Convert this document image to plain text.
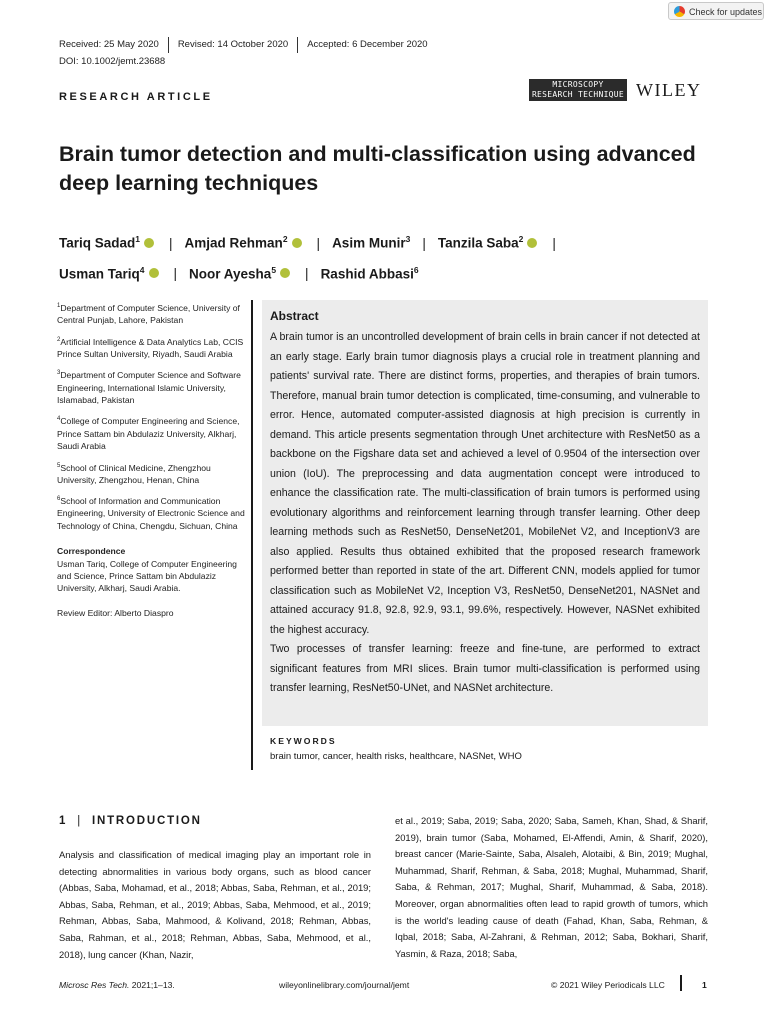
Check for updates
Received: 25 May 2020	Revised: 14 October 2020	Accepted: 6 December 2020
DOI: 10.1002/jemt.23688
RESEARCH ARTICLE
MICROSCOPY
RESEARCH TECHNIQUE WILEY
Brain tumor detection and multi-classification using advanced deep learning techniques
Tariq Sadad$^1$ | Amjad Rehman$^2$ | Asim Munir$^3$ | Tanzila Saba$^2$ |
Usman Tariq$^4$ | Noor Ayesha$^5$ | Rashid Abbasi$^6$

$^1$Department of Computer Science, University of Central Punjab, Lahore, Pakistan

$^2$Artificial Intelligence & Data Analytics Lab, CCIS Prince Sultan University, Riyadh, Saudi Arabia

$^3$Department of Computer Science and Software Engineering, International Islamic University, Islamabad, Pakistan

$^4$College of Computer Engineering and Science, Prince Sattam bin Abdulaziz University, Alkharj, Saudi Arabia

$^5$School of Clinical Medicine, Zhengzhou University, Zhengzhou, Henan, China

$^6$School of Information and Communication Engineering, University of Electronic Science and Technology of China, Chengdu, Sichuan, China

Correspondence

Usman Tariq, College of Computer Engineering and Science, Prince Sattam bin Abdulaziz University, Alkharj, Saudi Arabia.

Review Editor: Alberto Diaspro

Abstract

A brain tumor is an uncontrolled development of brain cells in brain cancer if not detected at an early stage. Early brain tumor diagnosis plays a crucial role in treatment planning and patients' survival rate. There are distinct forms, properties, and therapies of brain tumors. Therefore, manual brain tumor detection is complicated, time-consuming, and vulnerable to error. Hence, automated computer-assisted diagnosis at high precision is currently in demand. This article presents segmentation through Unet architecture with ResNet50 as a backbone on the Figshare data set and achieved a level of 0.9504 of the intersection over union (IoU). The preprocessing and data augmentation concept were introduced to enhance the classification rate. The multi-classification of brain tumors is performed using evolutionary algorithms and reinforcement learning through transfer learning. Other deep learning methods such as ResNet50, DenseNet201, MobileNet V2, and InceptionV3 are also applied. Results thus obtained exhibited that the proposed research framework performed better than reported in state of the art. Different CNN, models applied for tumor classification such as MobileNet V2, Inception V3, ResNet50, DenseNet201, NASNet and attained accuracy 91.8, 92.8, 92.9, 93.1, 99.6%, respectively. However, NASNet exhibited the highest accuracy.

Two processes of transfer learning: freeze and fine-tune, are performed to extract significant features from MRI slices. Brain tumor multi-classification is performed using transfer learning, ResNet50-UNet, and NASNet architecture.

KEYWORDS
brain tumor, cancer, health risks, healthcare, NASNet, WHO
1 | INTRODUCTION
Analysis and classification of medical imaging play an important role in detecting abnormalities in various body organs, such as blood cancer (Abbas, Saba, Mohamad, et al., 2018; Abbas, Saba, Rehman, et al., 2019; Abbas, Saba, Rehman, et al., 2019; Abbas, Saba, Mehmood, et al., 2019; Rehman, Abbas, Saba, Mahmood, & Kolivand, 2018; Rehman, Abbas, Saba, Rahman, et al., 2018; Rehman, Abbas, Saba, Mehmood, et al., 2018), lung cancer (Khan, Nazir,
et al., 2019; Saba, 2019; Saba, 2020; Saba, Sameh, Khan, Shad, & Sharif, 2019), brain tumor (Saba, Mohamed, El-Affendi, Amin, & Sharif, 2020), breast cancer (Marie-Sainte, Saba, Alsaleh, Alotaibi, & Bin, 2019; Mughal, Muhammad, Sharif, Rehman, & Saba, 2018; Mughal, Muhammad, Sharif, Saba, & Rehman, 2017; Mughal, Sharif, Muhammad, & Saba, 2018). Moreover, organ abnormalities often lead to rapid growth of tumors, which is the world's leading cause of death (Fahad, Khan, Saba, Rehman, & Iqbal, 2018; Saba, Al-Zahrani, & Rehman, 2012; Saba, Bokhari, Sharif, Yasmin, & Raza, 2018; Saba,
Microsc Res Tech. 2021;1–13.	wileyonlinelibrary.com/journal/jemt	© 2021 Wiley Periodicals LLC	1
